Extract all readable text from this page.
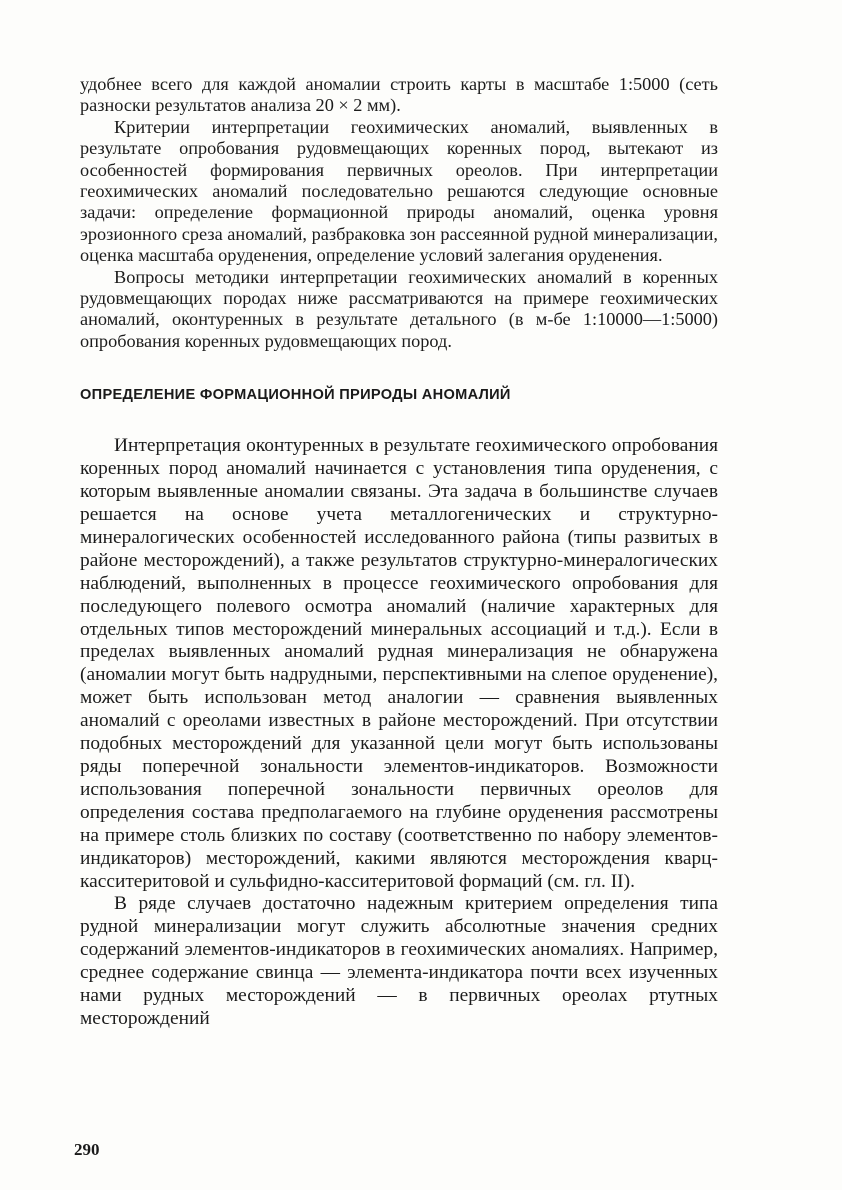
удобнее всего для каждой аномалии строить карты в масштабе 1:5000 (сеть разноски результатов анализа 20 × 2 мм).

Критерии интерпретации геохимических аномалий, выявленных в результате опробования рудовмещающих коренных пород, вытекают из особенностей формирования первичных ореолов. При интерпретации геохимических аномалий последовательно решаются следующие основные задачи: определение формационной природы аномалий, оценка уровня эрозионного среза аномалий, разбраковка зон рассеянной рудной минерализации, оценка масштаба оруденения, определение условий залегания оруденения.

Вопросы методики интерпретации геохимических аномалий в коренных рудовмещающих породах ниже рассматриваются на примере геохимических аномалий, оконтуренных в результате детального (в м-бе 1:10000—1:5000) опробования коренных рудовмещающих пород.

ОПРЕДЕЛЕНИЕ ФОРМАЦИОННОЙ ПРИРОДЫ АНОМАЛИЙ

Интерпретация оконтуренных в результате геохимического опробования коренных пород аномалий начинается с установления типа оруденения, с которым выявленные аномалии связаны. Эта задача в большинстве случаев решается на основе учета металлогенических и структурно-минералогических особенностей исследованного района (типы развитых в районе месторождений), а также результатов структурно-минералогических наблюдений, выполненных в процессе геохимического опробования для последующего полевого осмотра аномалий (наличие характерных для отдельных типов месторождений минеральных ассоциаций и т.д.). Если в пределах выявленных аномалий рудная минерализация не обнаружена (аномалии могут быть надрудными, перспективными на слепое оруденение), может быть использован метод аналогии — сравнения выявленных аномалий с ореолами известных в районе месторождений. При отсутствии подобных месторождений для указанной цели могут быть использованы ряды поперечной зональности элементов-индикаторов. Возможности использования поперечной зональности первичных ореолов для определения состава предполагаемого на глубине оруденения рассмотрены на примере столь близких по составу (соответственно по набору элементов-индикаторов) месторождений, какими являются месторождения кварц-касситеритовой и сульфидно-касситеритовой формаций (см. гл. II).

В ряде случаев достаточно надежным критерием определения типа рудной минерализации могут служить абсолютные значения средних содержаний элементов-индикаторов в геохимических аномалиях. Например, среднее содержание свинца — элемента-индикатора почти всех изученных нами рудных месторождений — в первичных ореолах ртутных месторождений

290
